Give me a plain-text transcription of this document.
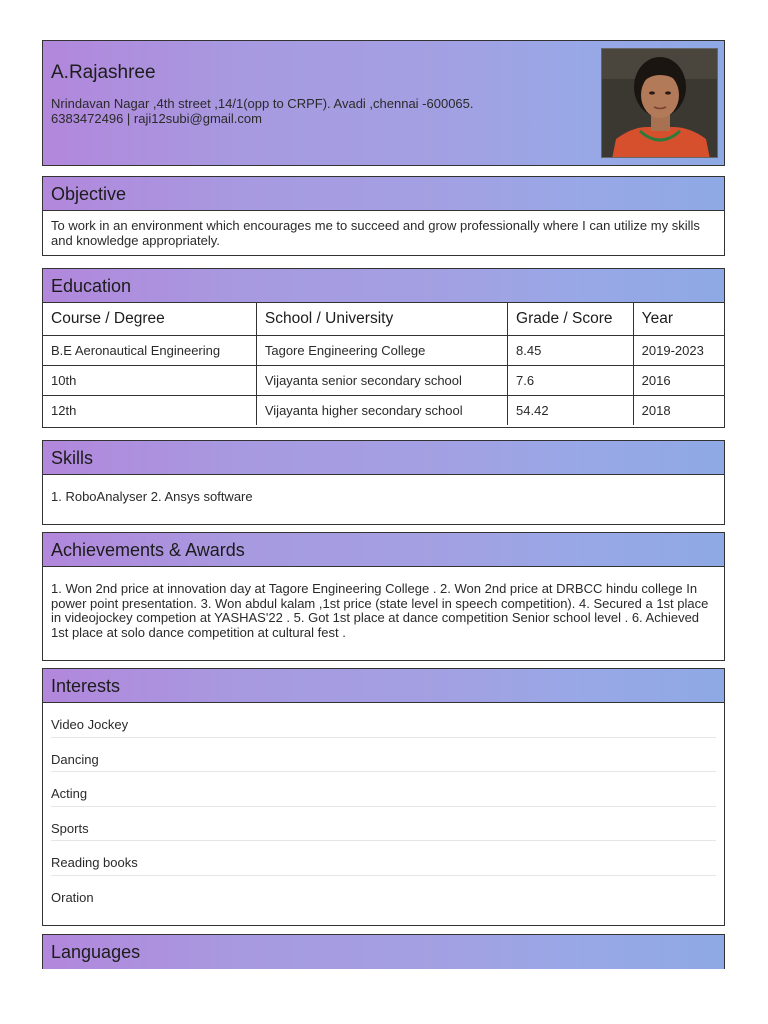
A.Rajashree
Nrindavan Nagar ,4th street ,14/1(opp to CRPF). Avadi ,chennai -600065.
6383472496 | raji12subi@gmail.com
Objective
To work in an environment which encourages me to succeed and grow professionally where I can utilize my skills and knowledge appropriately.
Education
Course / Degree	School / University	Grade / Score	Year
B.E Aeronautical Engineering	Tagore Engineering College	8.45	2019-2023
10th	Vijayanta senior secondary school	7.6	2016
12th	Vijayanta higher secondary school	54.42	2018
Skills
1. RoboAnalyser 2. Ansys software
Achievements & Awards
1. Won 2nd price at innovation day at Tagore Engineering College . 2. Won 2nd price at DRBCC hindu college In power point presentation. 3. Won abdul kalam ,1st price (state level in speech competition). 4. Secured a 1st place in videojockey competion at YASHAS'22 . 5. Got 1st place at dance competition Senior school level . 6. Achieved 1st place at solo dance competition at cultural fest .
Interests
Video Jockey
Dancing
Acting
Sports
Reading books
Oration
Languages
